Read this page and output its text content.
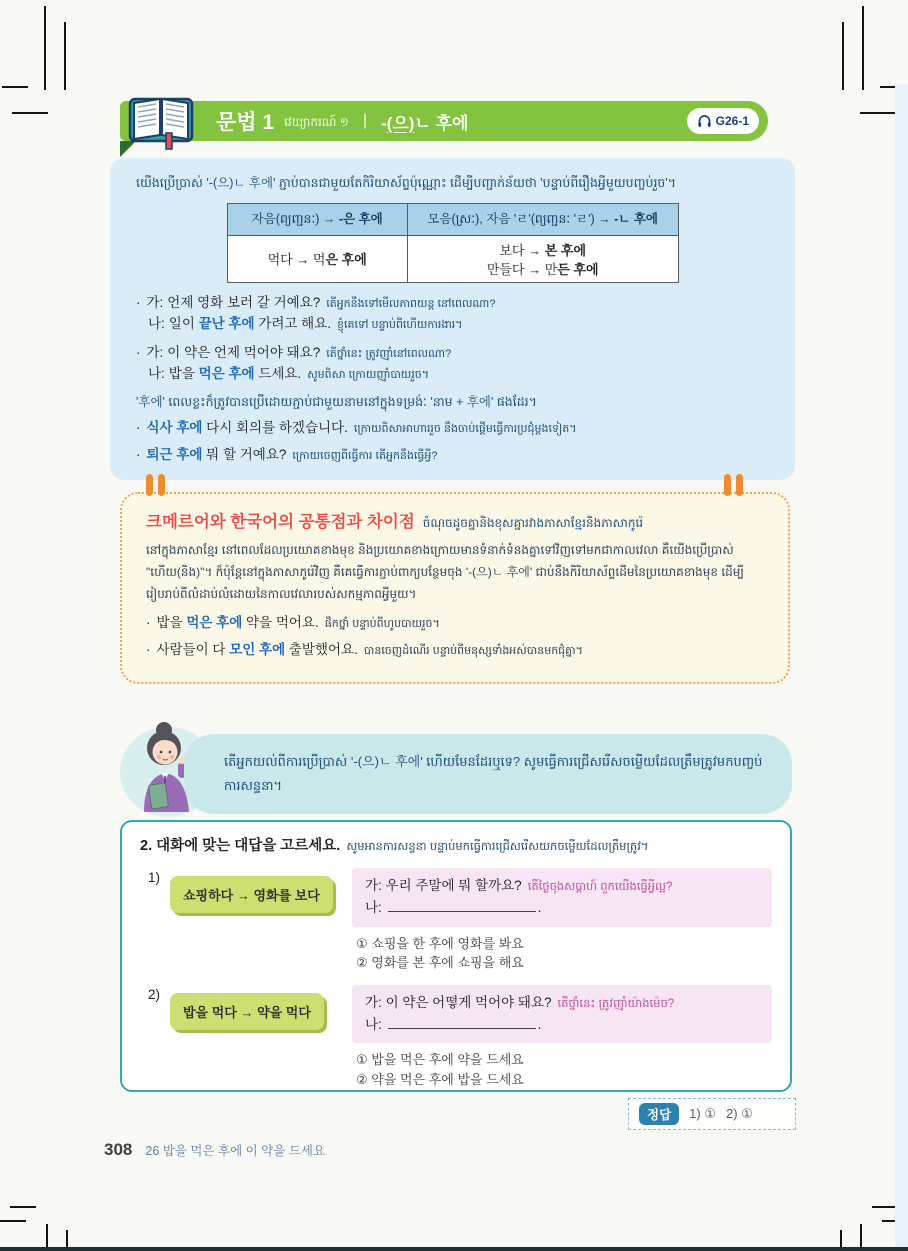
문법 1 វេយ្យាករណ៍ ១ | -(으)ㄴ 후에	G26-1
យើងប្រើប្រាស់ '-(으)ㄴ 후에' ភ្ជាប់បានជាមួយតែកិរិយាស័ព្ទប៉ុណ្ណោះ ដើម្បីបញ្ជាក់ន័យថា 'បន្ទាប់ពីរឿងអ្វីមួយបញ្ចប់រួច'។
자음(ព្យញ្ជនៈ) → -은 후에	모음(ស្រៈ), 자음 'ㄹ'(ព្យញ្ជនៈ 'ㄹ') → -ㄴ 후에
먹다 → 먹은 후에	보다 → 본 후에
만들다 → 만든 후에
· 가: 언제 영화 보러 갈 거예요? តើអ្នកនឹងទៅមើលភាពយន្ត នៅពេលណា?
나: 일이 끝난 후에 가려고 해요. ខ្ញុំគេទៅ បន្ទាប់ពីហើយការងារ។
· 가: 이 약은 언제 먹어야 돼요? តើថ្នាំនេះ ត្រូវញ៉ាំនៅពេលណា?
나: 밥을 먹은 후에 드세요. សូមពិសា ក្រោយញ៉ាំបាយរួច។
'후에' ពេលខ្លះក៏ត្រូវបានប្រើដោយភ្ជាប់ជាមួយនាមនៅក្នុងទម្រង់ៈ 'នាម + 후에' ផងដែរ។
· 식사 후에 다시 회의를 하겠습니다. ក្រោយពិសាអាហាររួច នឹងចាប់ផ្ដើមធ្វើការប្រជុំម្ដងទៀត។
· 퇴근 후에 뭐 할 거예요? ក្រោយចេញពីធ្វើការ តើអ្នកនឹងធ្វើអ្វី?
크메르어와 한국어의 공통점과 차이점 ចំណុចដូចគ្នានិងខុសគ្នារវាងភាសាខ្មែរនិងភាសាកូរ៉េ
នៅក្នុងភាសាខ្មែរ នៅពេលដែលប្រយោគខាងមុខ និងប្រយោគខាងក្រោយមានទំនាក់ទំនងគ្នាទៅវិញទៅមកជាកាលវេលា គឺយើងប្រើប្រាស់ "ហើយ(និង)"។ ក៏ប៉ុន្តែនៅក្នុងភាសាកូរ៉េវិញ គឺគេធ្វើការភ្ជាប់ពាក្យបន្ថែមចុង '-(으)ㄴ 후에' ជាប់នឹងកិរិយាស័ព្ទដើមនៃប្រយោគខាងមុខ ដើម្បីរៀបរាប់ពីលំដាប់លំដោយនៃកាលវេលារបស់សកម្មភាពអ្វីមួយ។
· 밥을 먹은 후에 약을 먹어요. ផឹកថ្នាំ បន្ទាប់ពីហូបបាយរួច។
· 사람들이 다 모인 후에 출발했어요. បានចេញដំណើរ បន្ទាប់ពីមនុស្សទាំងអស់បានមកជុំគ្នា។

តើអ្នកយល់ពីការប្រើប្រាស់ '-(으)ㄴ 후에' ហើយមែនដែរឬទេ? សូមធ្វើការជ្រើសរើសចម្លើយដែលត្រឹមត្រូវមកបញ្ចប់ការសន្ទនា។

2. 대화에 맞는 대답을 고르세요. សូមអានការសន្ទនា បន្ទាប់មកធ្វើការជ្រើសរើសយកចម្លើយដែលត្រឹមត្រូវ។
1)
쇼핑하다 → 영화를 보다
가: 우리 주말에 뭐 할까요? តើថ្ងៃចុងសប្ដាហ៍ ពួកយើងធ្វើអ្វីល្អ?
나:	.
① 쇼핑을 한 후에 영화를 봐요
② 영화를 본 후에 쇼핑을 해요
2)
밥을 먹다 → 약을 먹다
가: 이 약은 어떻게 먹어야 돼요? តើថ្នាំនេះ ត្រូវញ៉ាំយ៉ាងម៉េច?
나:	.
① 밥을 먹은 후에 약을 드세요
② 약을 먹은 후에 밥을 드세요
정답	1) ① 2) ①
308 26 밥을 먹은 후에 이 약을 드세요
